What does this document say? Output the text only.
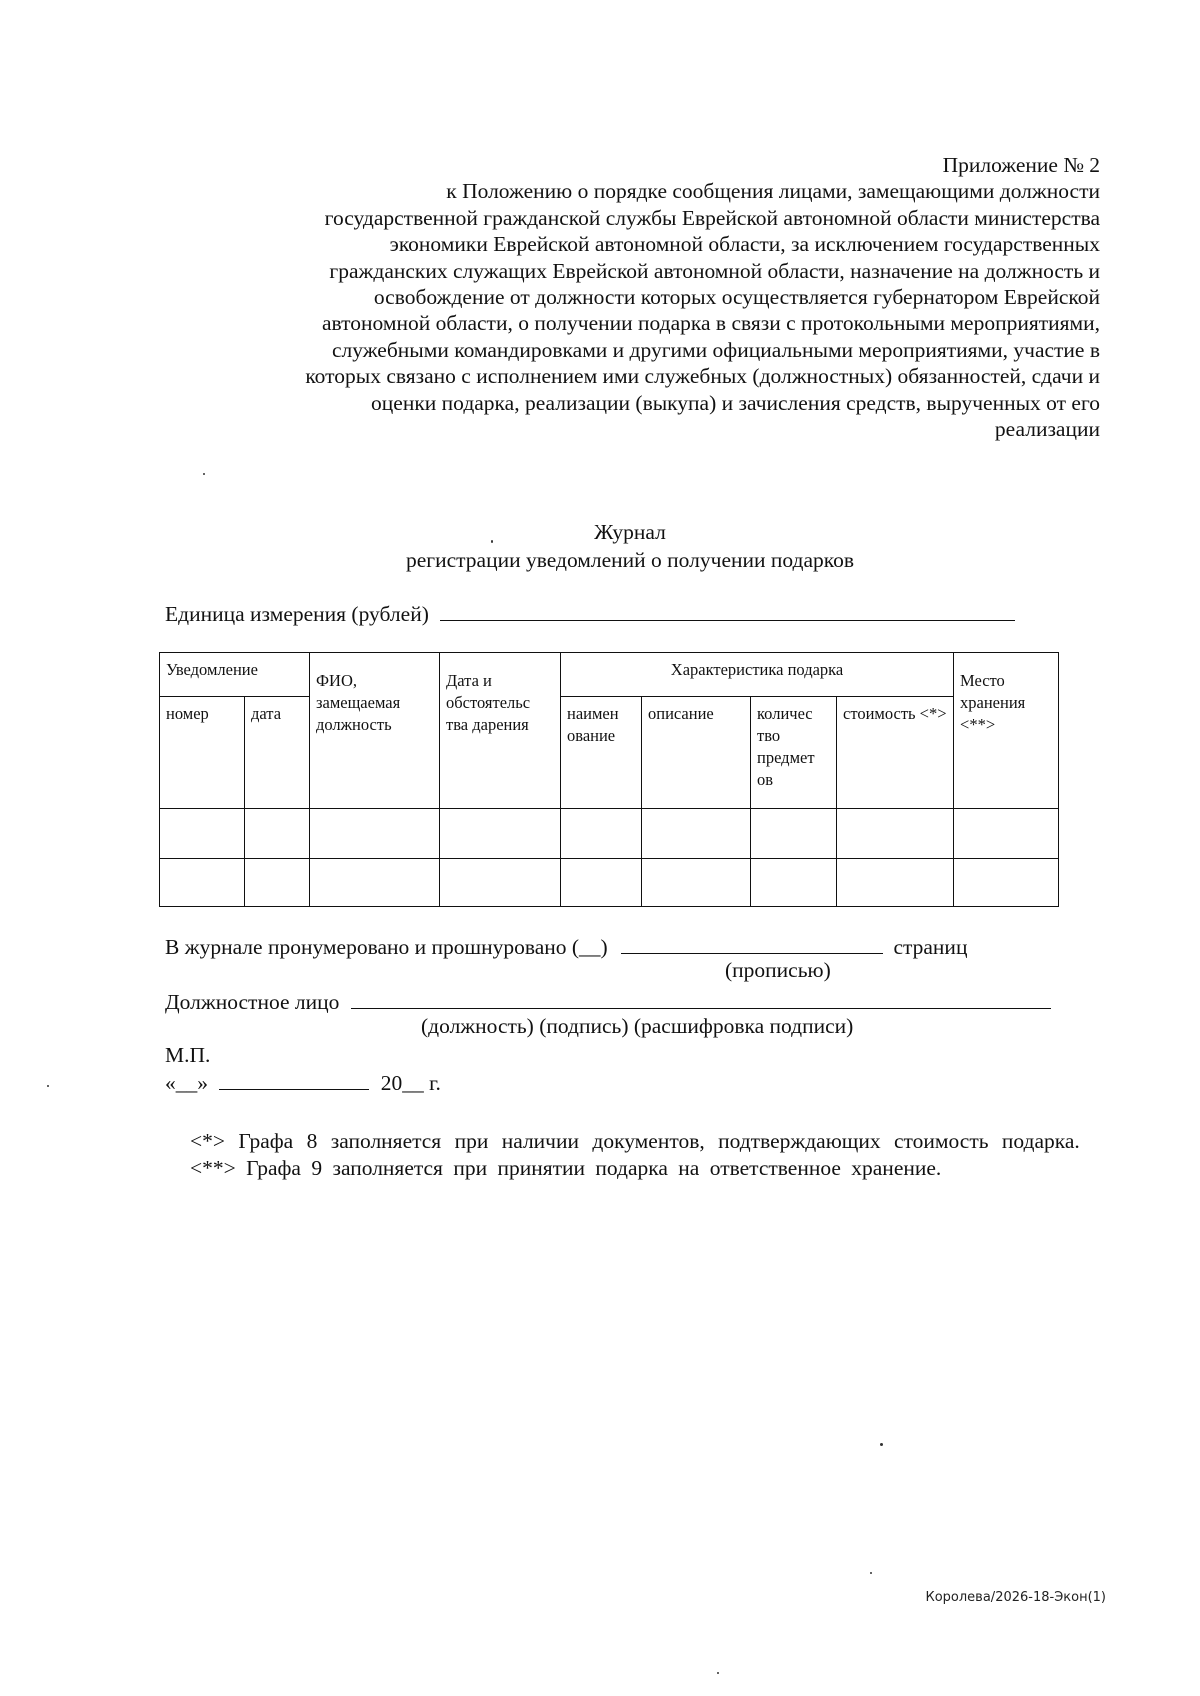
Приложение № 2
к Положению о порядке сообщения лицами, замещающими должности
государственной гражданской службы Еврейской автономной области министерства
экономики Еврейской автономной области, за исключением государственных
гражданских служащих Еврейской автономной области, назначение на должность и
освобождение от должности которых осуществляется губернатором Еврейской
автономной области, о получении подарка в связи с протокольными мероприятиями,
служебными командировками и другими официальными мероприятиями, участие в
которых связано с исполнением ими служебных (должностных) обязанностей, сдачи и
оценки подарка, реализации (выкупа) и зачисления средств, вырученных от его
реализации
Журнал
регистрации уведомлений о получении подарков
Единица измерения (рублей)
Уведомление		ФИО, замещаемая должность	Дата и обстоятельс тва дарения	Характеристика подарка				Место хранения <**>

номер	дата			наимен ование	описание	количес тво предмет ов	стоимость <*>	

В журнале пронумеровано и прошнуровано (__)	страниц
(прописью)
Должностное лицо
(должность) (подпись) (расшифровка подписи)
М.П.
«__»	20__ г.
<*> Графа 8 заполняется при наличии документов, подтверждающих стоимость подарка.
<**> Графа 9 заполняется при принятии подарка на ответственное хранение.
Королева/2026-18-Экон(1)
